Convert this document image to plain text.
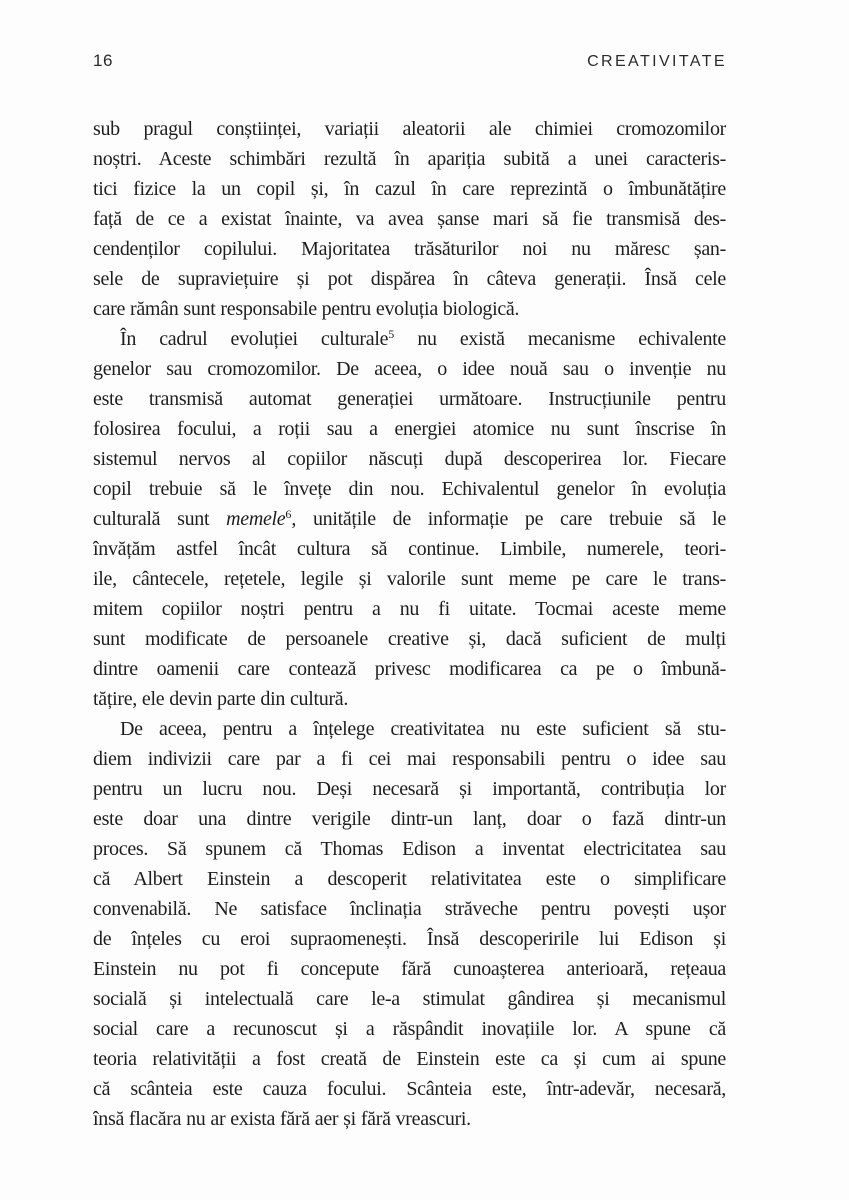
16	CREATIVITATE
sub pragul conștiinței, variații aleatorii ale chimiei cromozomilor
noștri. Aceste schimbări rezultă în apariția subită a unei caracteris-
tici fizice la un copil și, în cazul în care reprezintă o îmbunătățire
față de ce a existat înainte, va avea șanse mari să fie transmisă des-
cendenților copilului. Majoritatea trăsăturilor noi nu măresc șan-
sele de supraviețuire și pot dispărea în câteva generații. Însă cele
care rămân sunt responsabile pentru evoluția biologică.
În cadrul evoluției culturale$^5$ nu există mecanisme echivalente
genelor sau cromozomilor. De aceea, o idee nouă sau o invenție nu
este transmisă automat generației următoare. Instrucțiunile pentru
folosirea focului, a roții sau a energiei atomice nu sunt înscrise în
sistemul nervos al copiilor născuți după descoperirea lor. Fiecare
copil trebuie să le învețe din nou. Echivalentul genelor în evoluția
culturală sunt memele$^6$, unitățile de informație pe care trebuie să le
învățăm astfel încât cultura să continue. Limbile, numerele, teori-
ile, cântecele, rețetele, legile și valorile sunt meme pe care le trans-
mitem copiilor noștri pentru a nu fi uitate. Tocmai aceste meme
sunt modificate de persoanele creative și, dacă suficient de mulți
dintre oamenii care contează privesc modificarea ca pe o îmbună-
tățire, ele devin parte din cultură.
De aceea, pentru a înțelege creativitatea nu este suficient să stu-
diem indivizii care par a fi cei mai responsabili pentru o idee sau
pentru un lucru nou. Deși necesară și importantă, contribuția lor
este doar una dintre verigile dintr-un lanț, doar o fază dintr-un
proces. Să spunem că Thomas Edison a inventat electricitatea sau
că Albert Einstein a descoperit relativitatea este o simplificare
convenabilă. Ne satisface înclinația străveche pentru povești ușor
de înțeles cu eroi supraomenești. Însă descoperirile lui Edison și
Einstein nu pot fi concepute fără cunoașterea anterioară, rețeaua
socială și intelectuală care le-a stimulat gândirea și mecanismul
social care a recunoscut și a răspândit inovațiile lor. A spune că
teoria relativității a fost creată de Einstein este ca și cum ai spune
că scânteia este cauza focului. Scânteia este, într-adevăr, necesară,
însă flacăra nu ar exista fără aer și fără vreascuri.
